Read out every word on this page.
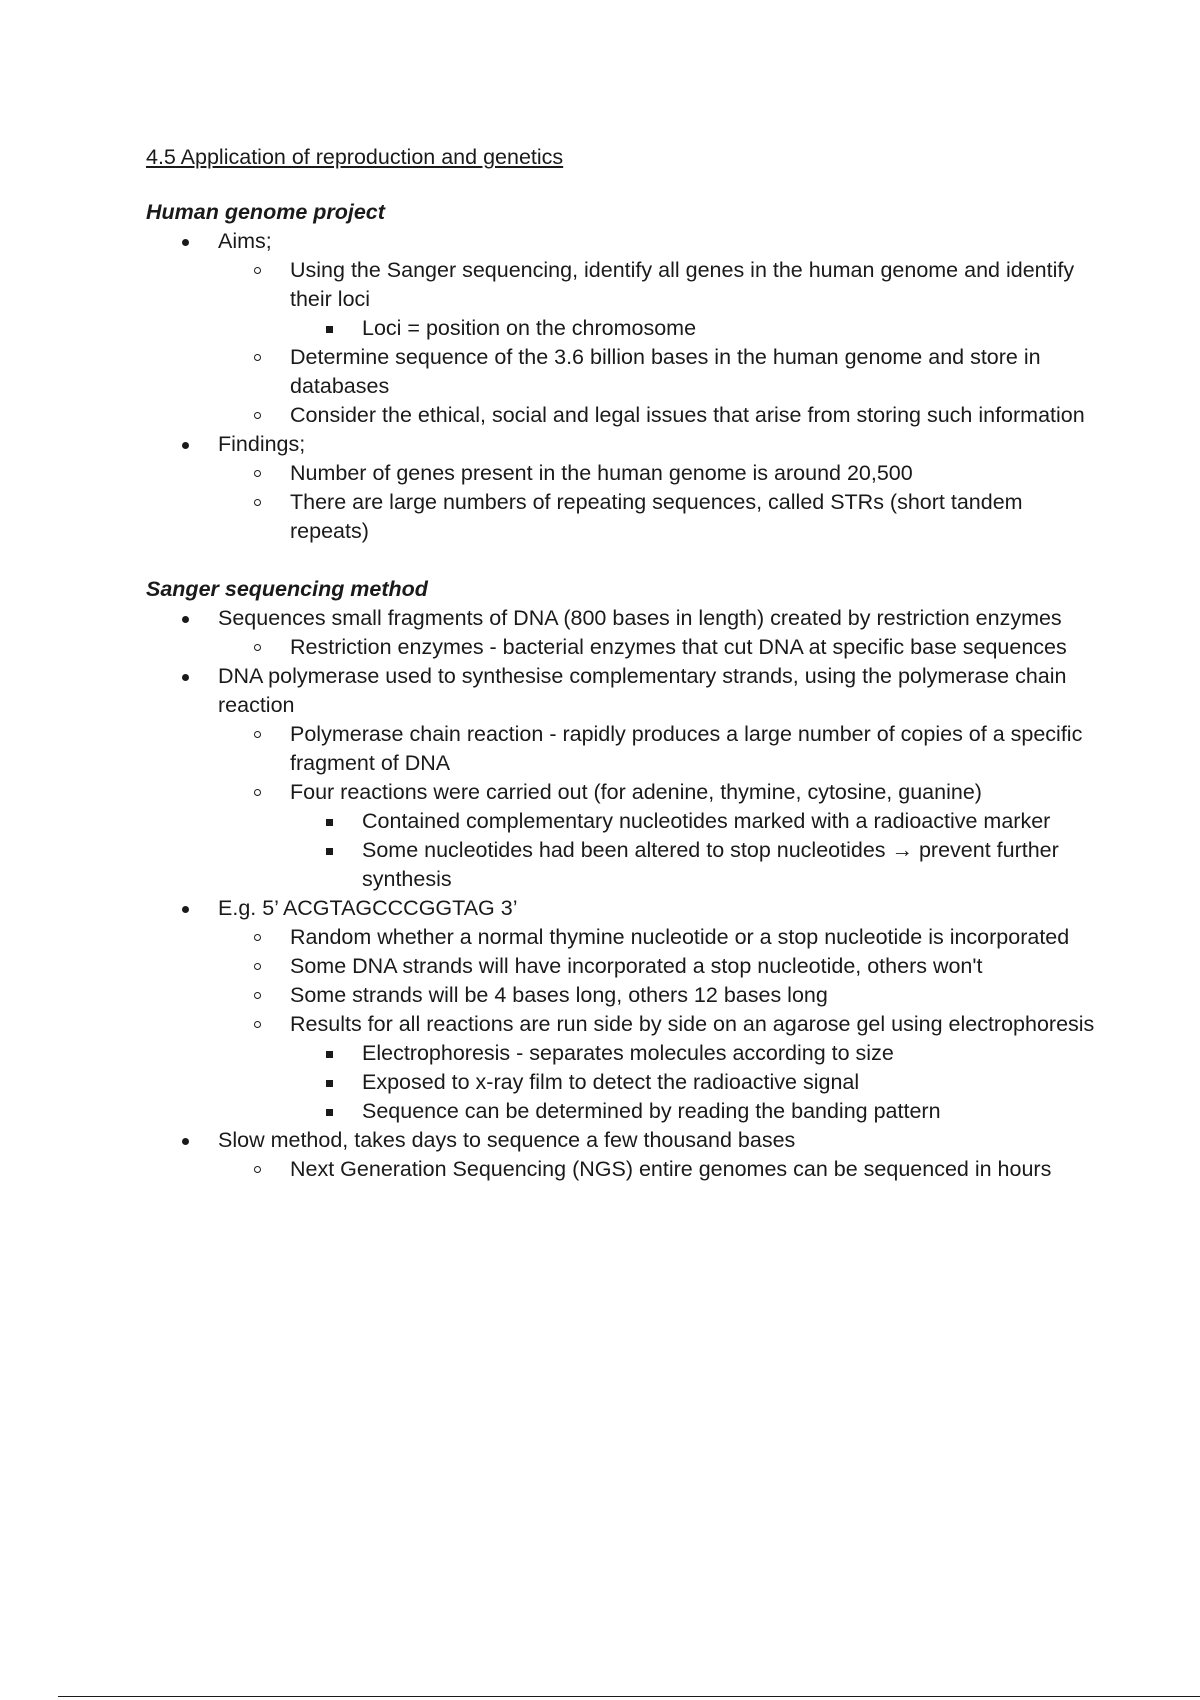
4.5 Application of reproduction and genetics
Human genome project
Aims;
Using the Sanger sequencing, identify all genes in the human genome and identify their loci
Loci = position on the chromosome
Determine sequence of the 3.6 billion bases in the human genome and store in databases
Consider the ethical, social and legal issues that arise from storing such information
Findings;
Number of genes present in the human genome is around 20,500
There are large numbers of repeating sequences, called STRs (short tandem repeats)
Sanger sequencing method
Sequences small fragments of DNA (800 bases in length) created by restriction enzymes
Restriction enzymes - bacterial enzymes that cut DNA at specific base sequences
DNA polymerase used to synthesise complementary strands, using the polymerase chain reaction
Polymerase chain reaction - rapidly produces a large number of copies of a specific fragment of DNA
Four reactions were carried out (for adenine, thymine, cytosine, guanine)
Contained complementary nucleotides marked with a radioactive marker
Some nucleotides had been altered to stop nucleotides → prevent further synthesis
E.g. 5’ ACGTAGCCCGGTAG 3’
Random whether a normal thymine nucleotide or a stop nucleotide is incorporated
Some DNA strands will have incorporated a stop nucleotide, others won't
Some strands will be 4 bases long, others 12 bases long
Results for all reactions are run side by side on an agarose gel using electrophoresis
Electrophoresis - separates molecules according to size
Exposed to x-ray film to detect the radioactive signal
Sequence can be determined by reading the banding pattern
Slow method, takes days to sequence a few thousand bases
Next Generation Sequencing (NGS) entire genomes can be sequenced in hours
